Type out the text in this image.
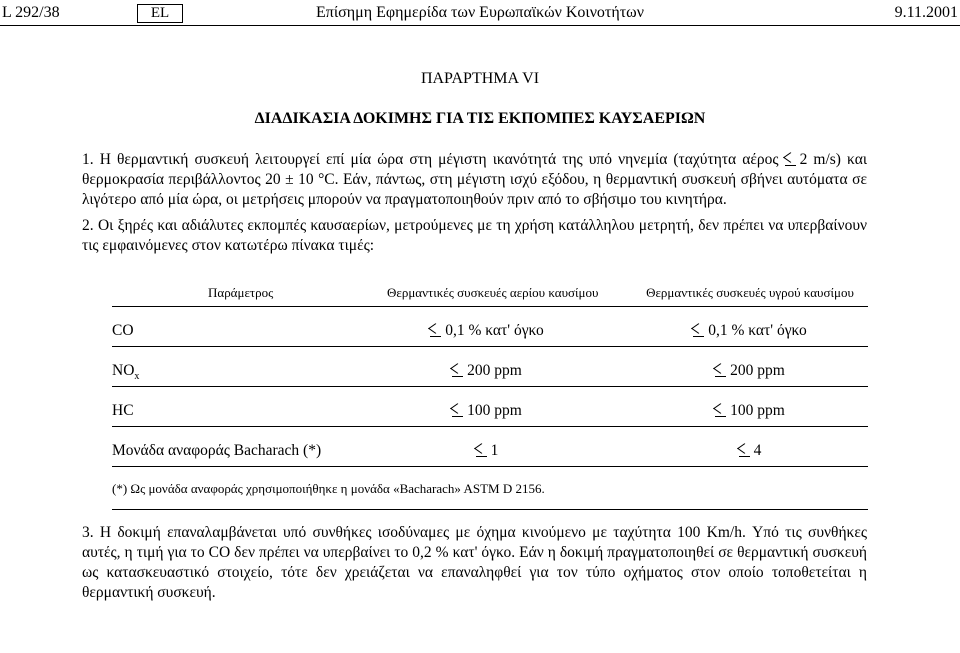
L 292/38	EL	Επίσημη Εφημερίδα των Ευρωπαϊκών Κοινοτήτων	9.11.2001
ΠΑΡΑΡΤΗΜΑ VI
ΔΙΑΔΙΚΑΣΙΑ ΔΟΚΙΜΗΣ ΓΙΑ ΤΙΣ ΕΚΠΟΜΠΕΣ ΚΑΥΣΑΕΡΙΩΝ
1. Η θερμαντική συσκευή λειτουργεί επί μία ώρα στη μέγιστη ικανότητά της υπό νηνεμία (ταχύτητα αέρος 2 m/s) και θερμοκρασία περιβάλλοντος 20 ± 10 °C. Εάν, πάντως, στη μέγιστη ισχύ εξόδου, η θερμαντική συσκευή σβήνει αυτόματα σε λιγότερο από μία ώρα, οι μετρήσεις μπορούν να πραγματοποιηθούν πριν από το σβήσιμο του κινητήρα.
2. Οι ξηρές και αδιάλυτες εκπομπές καυσαερίων, μετρούμενες με τη χρήση κατάλληλου μετρητή, δεν πρέπει να υπερβαίνουν τις εμφαινόμενες στον κατωτέρω πίνακα τιμές:
Παράμετρος	Θερμαντικές συσκευές αερίου καυσίμου	Θερμαντικές συσκευές υγρού καυσίμου
CO	0,1 % κατ' όγκο	0,1 % κατ' όγκο
$NO_x$	200 ppm	200 ppm
HC	100 ppm	100 ppm
Μονάδα αναφοράς Bacharach (*)	1	4
(*) Ως μονάδα αναφοράς χρησιμοποιήθηκε η μονάδα «Bacharach» ASTM D 2156.
3. Η δοκιμή επαναλαμβάνεται υπό συνθήκες ισοδύναμες με όχημα κινούμενο με ταχύτητα 100 Km/h. Υπό τις συνθήκες αυτές, η τιμή για το CO δεν πρέπει να υπερβαίνει το 0,2 % κατ' όγκο. Εάν η δοκιμή πραγματοποιηθεί σε θερμαντική συσκευή ως κατασκευαστικό στοιχείο, τότε δεν χρειάζεται να επαναληφθεί για τον τύπο οχήματος στον οποίο τοποθετείται η θερμαντική συσκευή.
